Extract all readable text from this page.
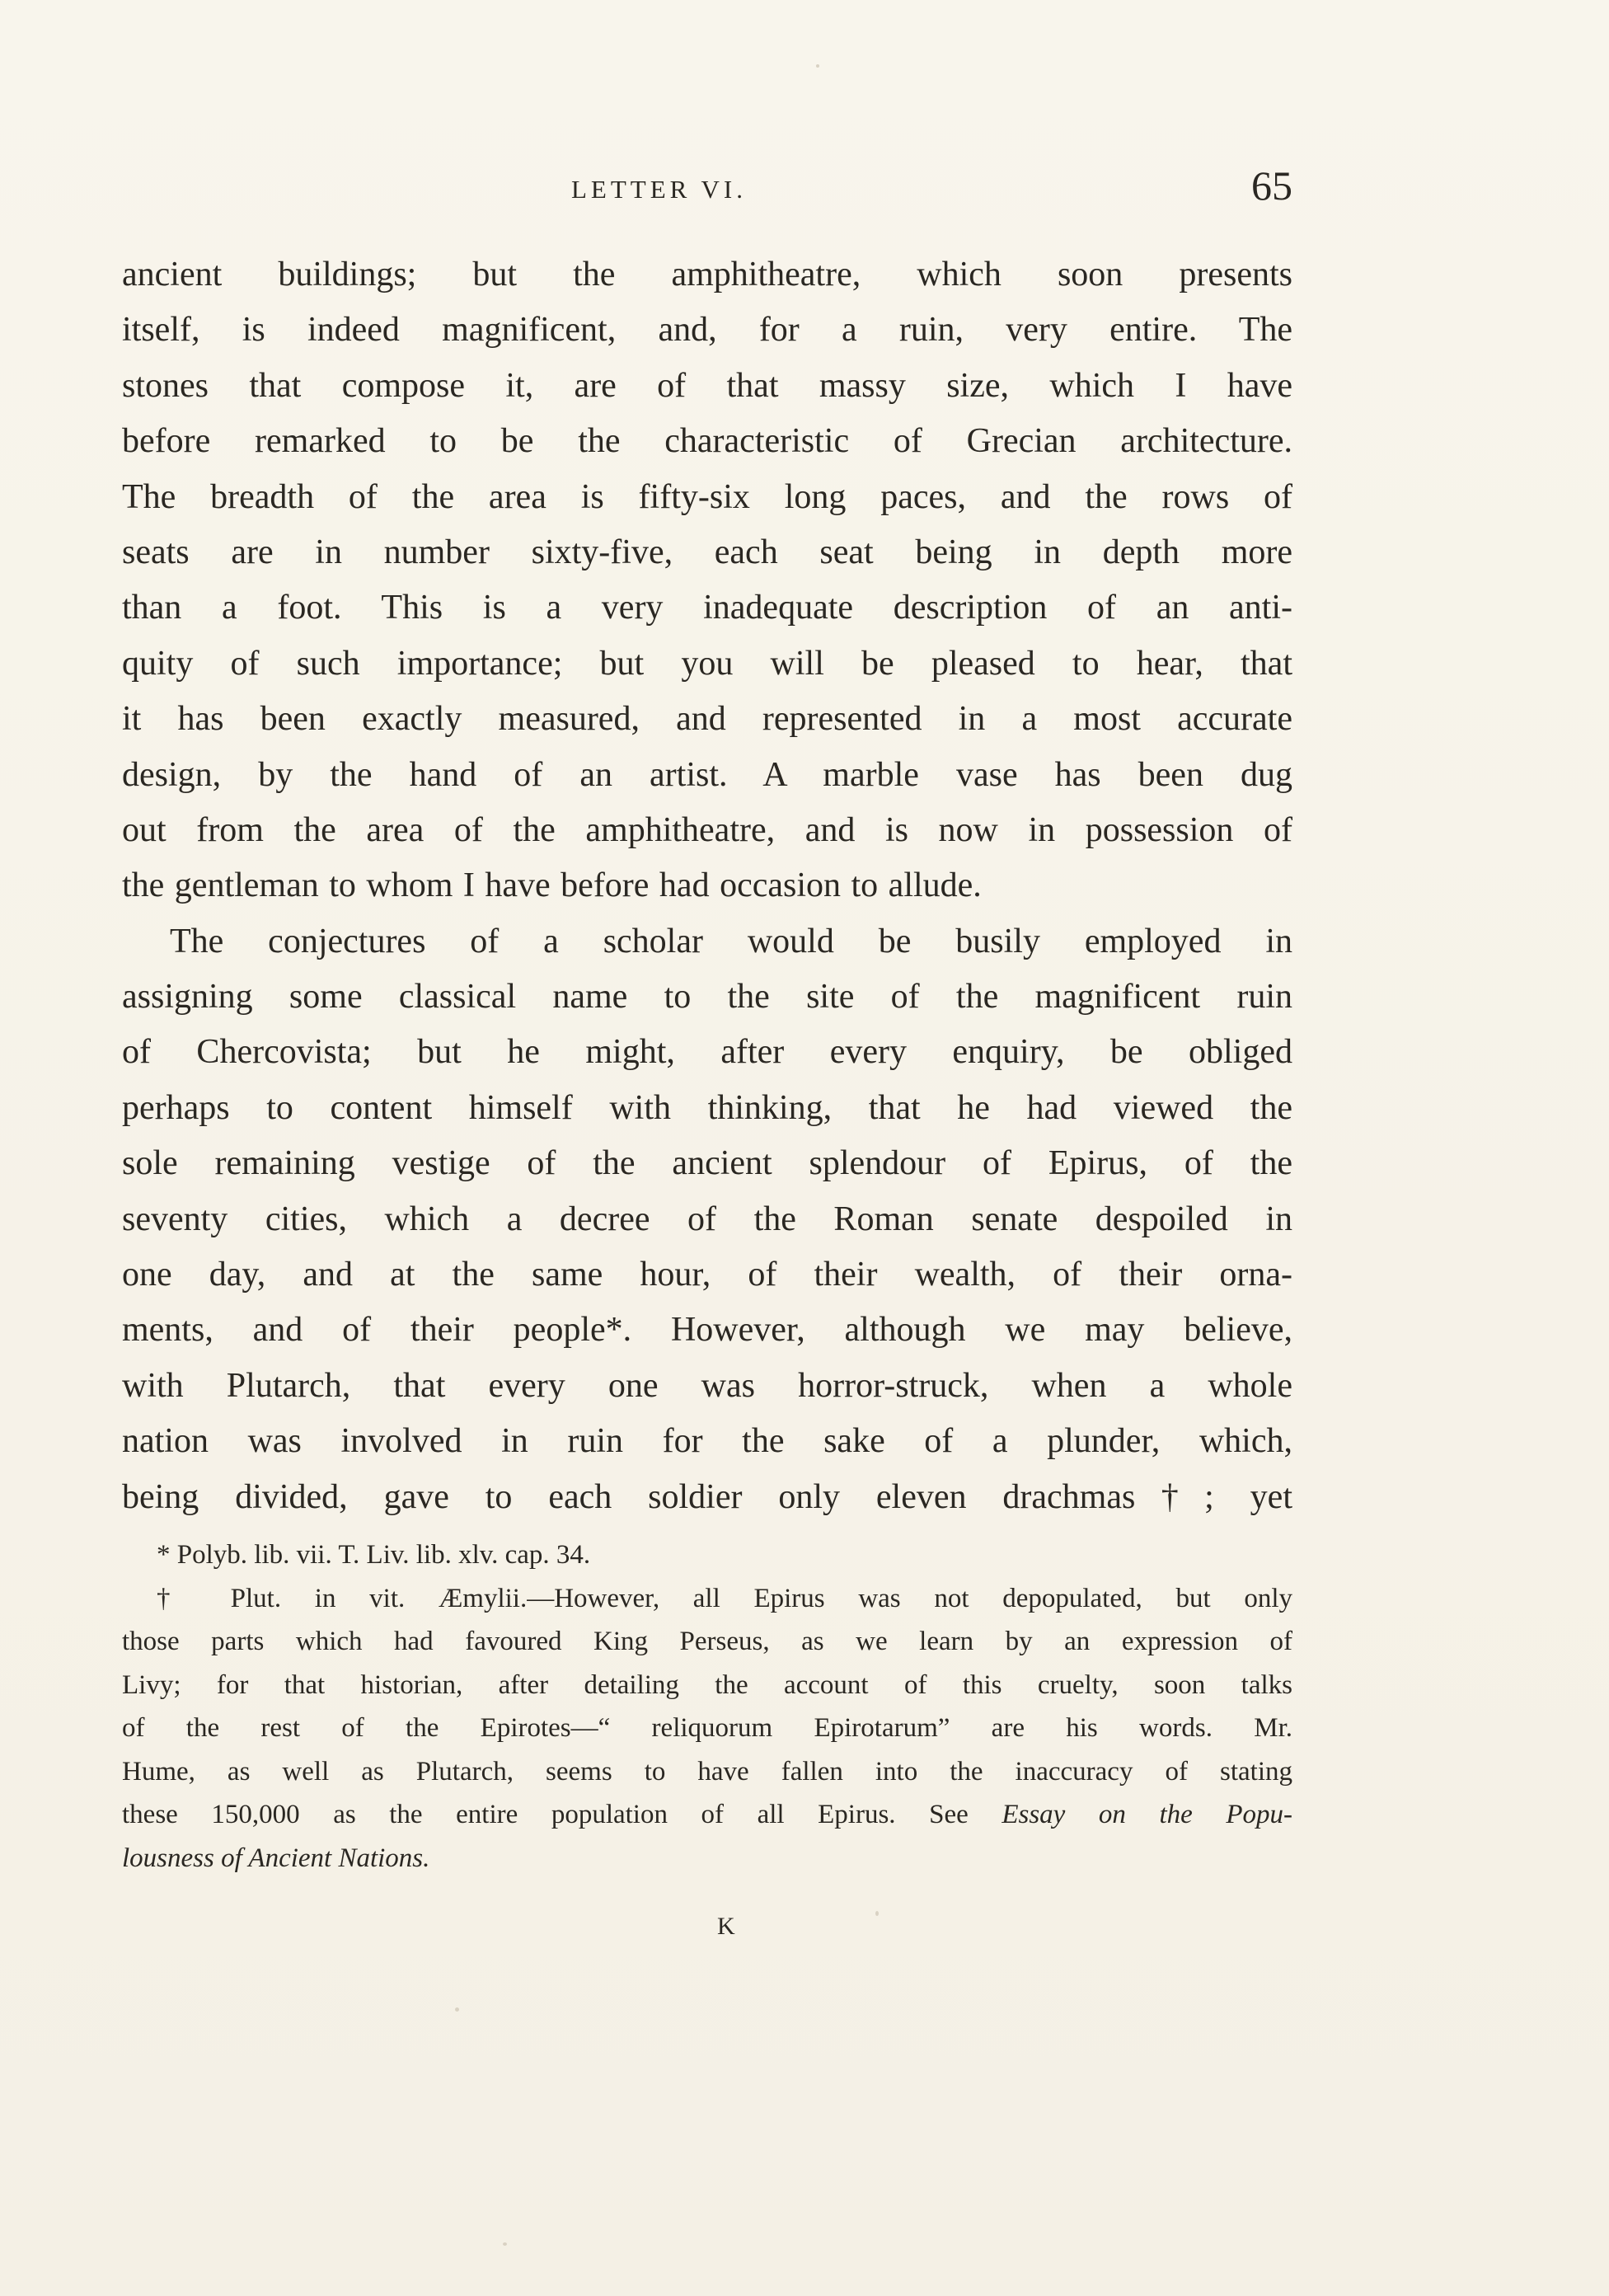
LETTER VI.	65
ancient buildings; but the amphitheatre, which soon presents
itself, is indeed magnificent, and, for a ruin, very entire. The
stones that compose it, are of that massy size, which I have
before remarked to be the characteristic of Grecian architecture.
The breadth of the area is fifty-six long paces, and the rows of
seats are in number sixty-five, each seat being in depth more
than a foot. This is a very inadequate description of an anti-
quity of such importance; but you will be pleased to hear, that
it has been exactly measured, and represented in a most accurate
design, by the hand of an artist. A marble vase has been dug
out from the area of the amphitheatre, and is now in possession of
the gentleman to whom I have before had occasion to allude.
The conjectures of a scholar would be busily employed in
assigning some classical name to the site of the magnificent ruin
of Chercovista; but he might, after every enquiry, be obliged
perhaps to content himself with thinking, that he had viewed the
sole remaining vestige of the ancient splendour of Epirus, of the
seventy cities, which a decree of the Roman senate despoiled in
one day, and at the same hour, of their wealth, of their orna-
ments, and of their people*. However, although we may believe,
with Plutarch, that every one was horror-struck, when a whole
nation was involved in ruin for the sake of a plunder, which,
being divided, gave to each soldier only eleven drachmas†; yet
* Polyb. lib. vii. T. Liv. lib. xlv. cap. 34.
† Plut. in vit. Æmylii.—However, all Epirus was not depopulated, but only
those parts which had favoured King Perseus, as we learn by an expression of
Livy; for that historian, after detailing the account of this cruelty, soon talks
of the rest of the Epirotes—“ reliquorum Epirotarum” are his words. Mr.
Hume, as well as Plutarch, seems to have fallen into the inaccuracy of stating
these 150,000 as the entire population of all Epirus. See Essay on the Popu-
lousness of Ancient Nations.
K
